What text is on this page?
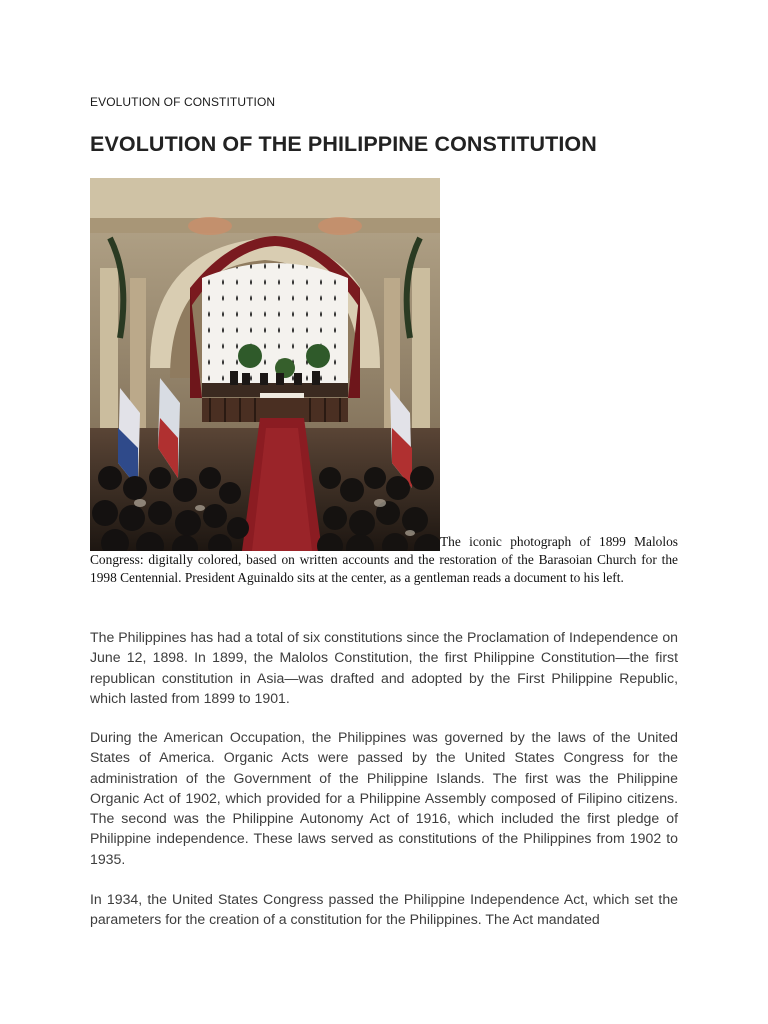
EVOLUTION OF CONSTITUTION
EVOLUTION OF THE PHILIPPINE CONSTITUTION
The iconic photograph of 1899 Malolos Congress: digitally colored, based on written accounts and the restoration of the Barasoian Church for the 1998 Centennial. President Aguinaldo sits at the center, as a gentleman reads a document to his left.

The Philippines has had a total of six constitutions since the Proclamation of Independence on June 12, 1898. In 1899, the Malolos Constitution, the first Philippine Constitution—the first republican constitution in Asia—was drafted and adopted by the First Philippine Republic, which lasted from 1899 to 1901.

During the American Occupation, the Philippines was governed by the laws of the United States of America. Organic Acts were passed by the United States Congress for the administration of the Government of the Philippine Islands. The first was the Philippine Organic Act of 1902, which provided for a Philippine Assembly composed of Filipino citizens. The second was the Philippine Autonomy Act of 1916, which included the first pledge of Philippine independence. These laws served as constitutions of the Philippines from 1902 to 1935.

In 1934, the United States Congress passed the Philippine Independence Act, which set the parameters for the creation of a constitution for the Philippines. The Act mandated
